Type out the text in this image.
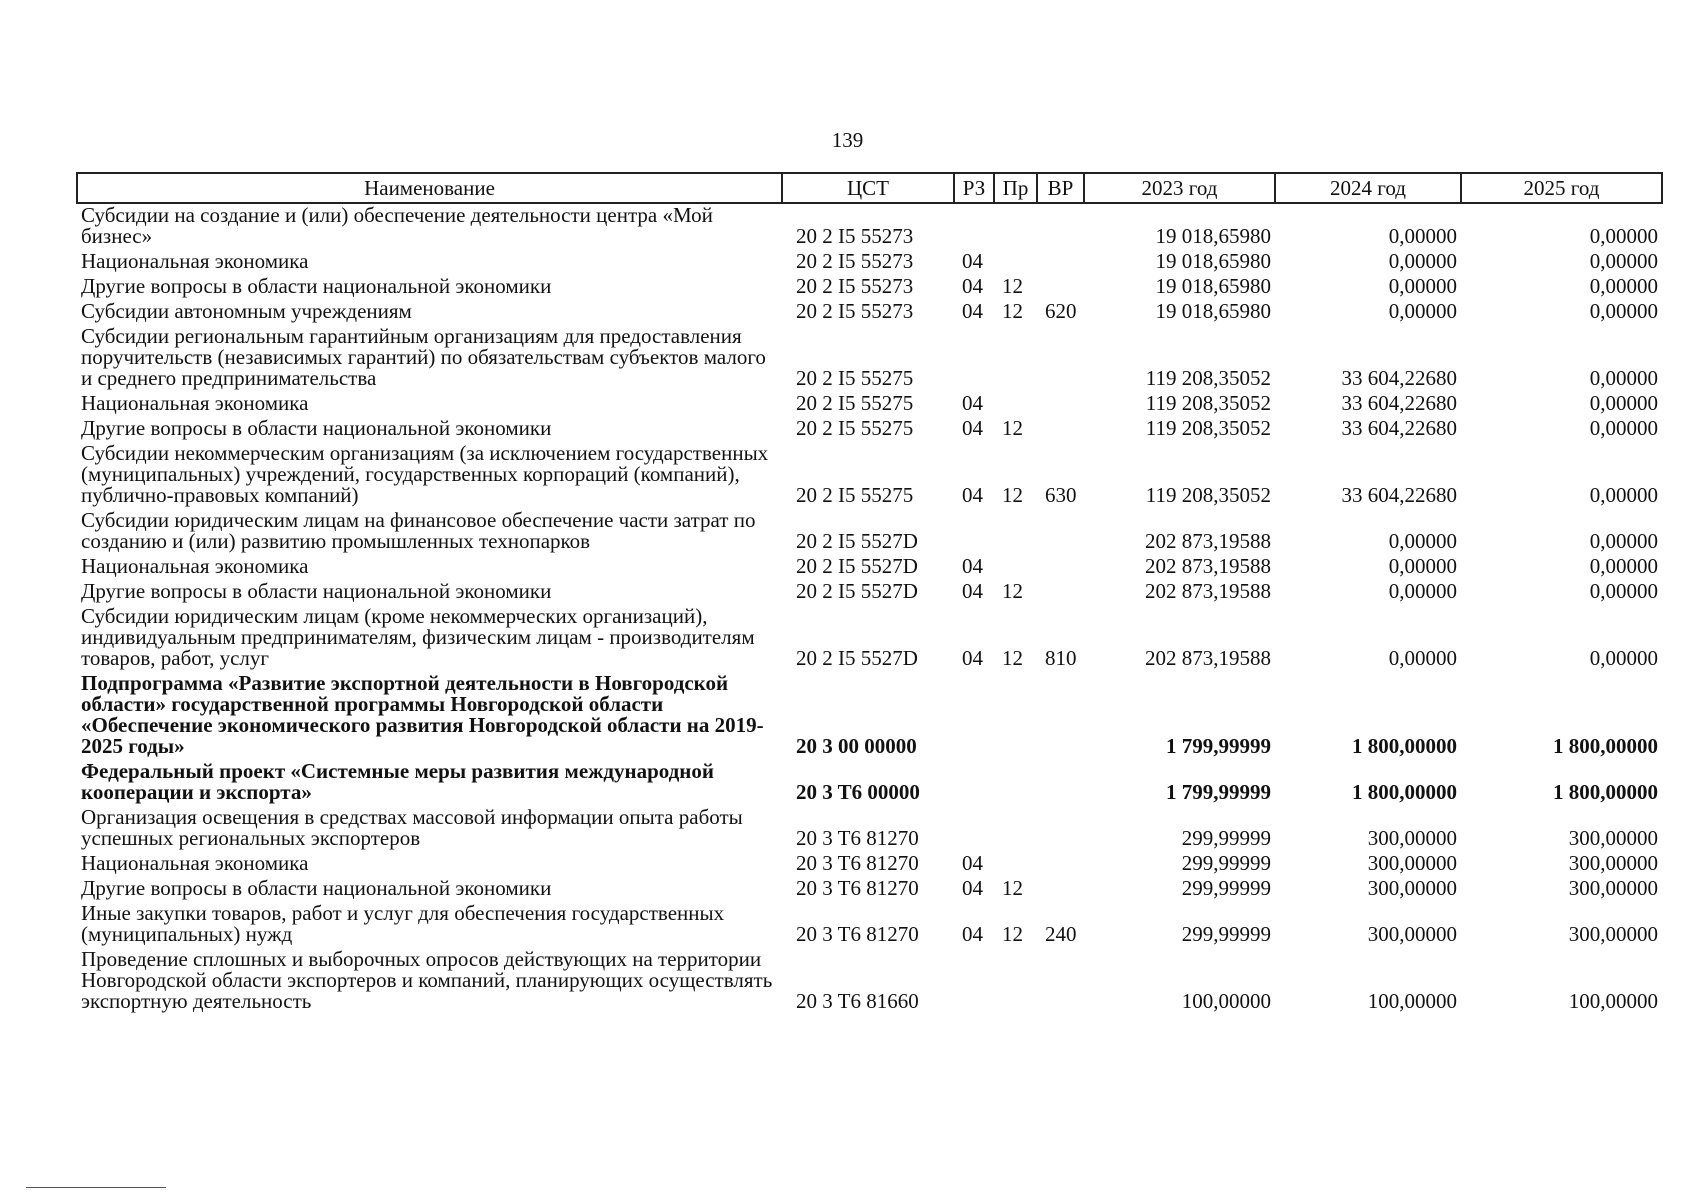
139
Наименование	ЦСТ	РЗ	Пр	ВР	2023 год	2024 год	2025 год
Субсидии на создание и (или) обеспечение деятельности центра «Мой бизнес»	20 2 I5 55273				19 018,65980	0,00000	0,00000
Национальная экономика	20 2 I5 55273	04			19 018,65980	0,00000	0,00000
Другие вопросы в области национальной экономики	20 2 I5 55273	04	12		19 018,65980	0,00000	0,00000
Субсидии автономным учреждениям	20 2 I5 55273	04	12	620	19 018,65980	0,00000	0,00000
Субсидии региональным гарантийным организациям для предоставления поручительств (независимых гарантий) по обязательствам субъектов малого и среднего предпринимательства	20 2 I5 55275				119 208,35052	33 604,22680	0,00000
Национальная экономика	20 2 I5 55275	04			119 208,35052	33 604,22680	0,00000
Другие вопросы в области национальной экономики	20 2 I5 55275	04	12		119 208,35052	33 604,22680	0,00000
Субсидии некоммерческим организациям (за исключением государственных (муниципальных) учреждений, государственных корпораций (компаний), публично-правовых компаний)	20 2 I5 55275	04	12	630	119 208,35052	33 604,22680	0,00000
Субсидии юридическим лицам на финансовое обеспечение части затрат по созданию и (или) развитию промышленных технопарков	20 2 I5 5527D				202 873,19588	0,00000	0,00000
Национальная экономика	20 2 I5 5527D	04			202 873,19588	0,00000	0,00000
Другие вопросы в области национальной экономики	20 2 I5 5527D	04	12		202 873,19588	0,00000	0,00000
Субсидии юридическим лицам (кроме некоммерческих организаций), индивидуальным предпринимателям, физическим лицам - производителям товаров, работ, услуг	20 2 I5 5527D	04	12	810	202 873,19588	0,00000	0,00000
Подпрограмма «Развитие экспортной деятельности в Новгородской области» государственной программы Новгородской области «Обеспечение экономического развития Новгородской области на 2019-2025 годы»	20 3 00 00000				1 799,99999	1 800,00000	1 800,00000
Федеральный проект «Системные меры развития международной кооперации и экспорта»	20 3 T6 00000				1 799,99999	1 800,00000	1 800,00000
Организация освещения в средствах массовой информации опыта работы успешных региональных экспортеров	20 3 T6 81270				299,99999	300,00000	300,00000
Национальная экономика	20 3 T6 81270	04			299,99999	300,00000	300,00000
Другие вопросы в области национальной экономики	20 3 T6 81270	04	12		299,99999	300,00000	300,00000
Иные закупки товаров, работ и услуг для обеспечения государственных (муниципальных) нужд	20 3 T6 81270	04	12	240	299,99999	300,00000	300,00000
Проведение сплошных и выборочных опросов действующих на территории Новгородской области экспортеров и компаний, планирующих осуществлять экспортную деятельность	20 3 T6 81660				100,00000	100,00000	100,00000
